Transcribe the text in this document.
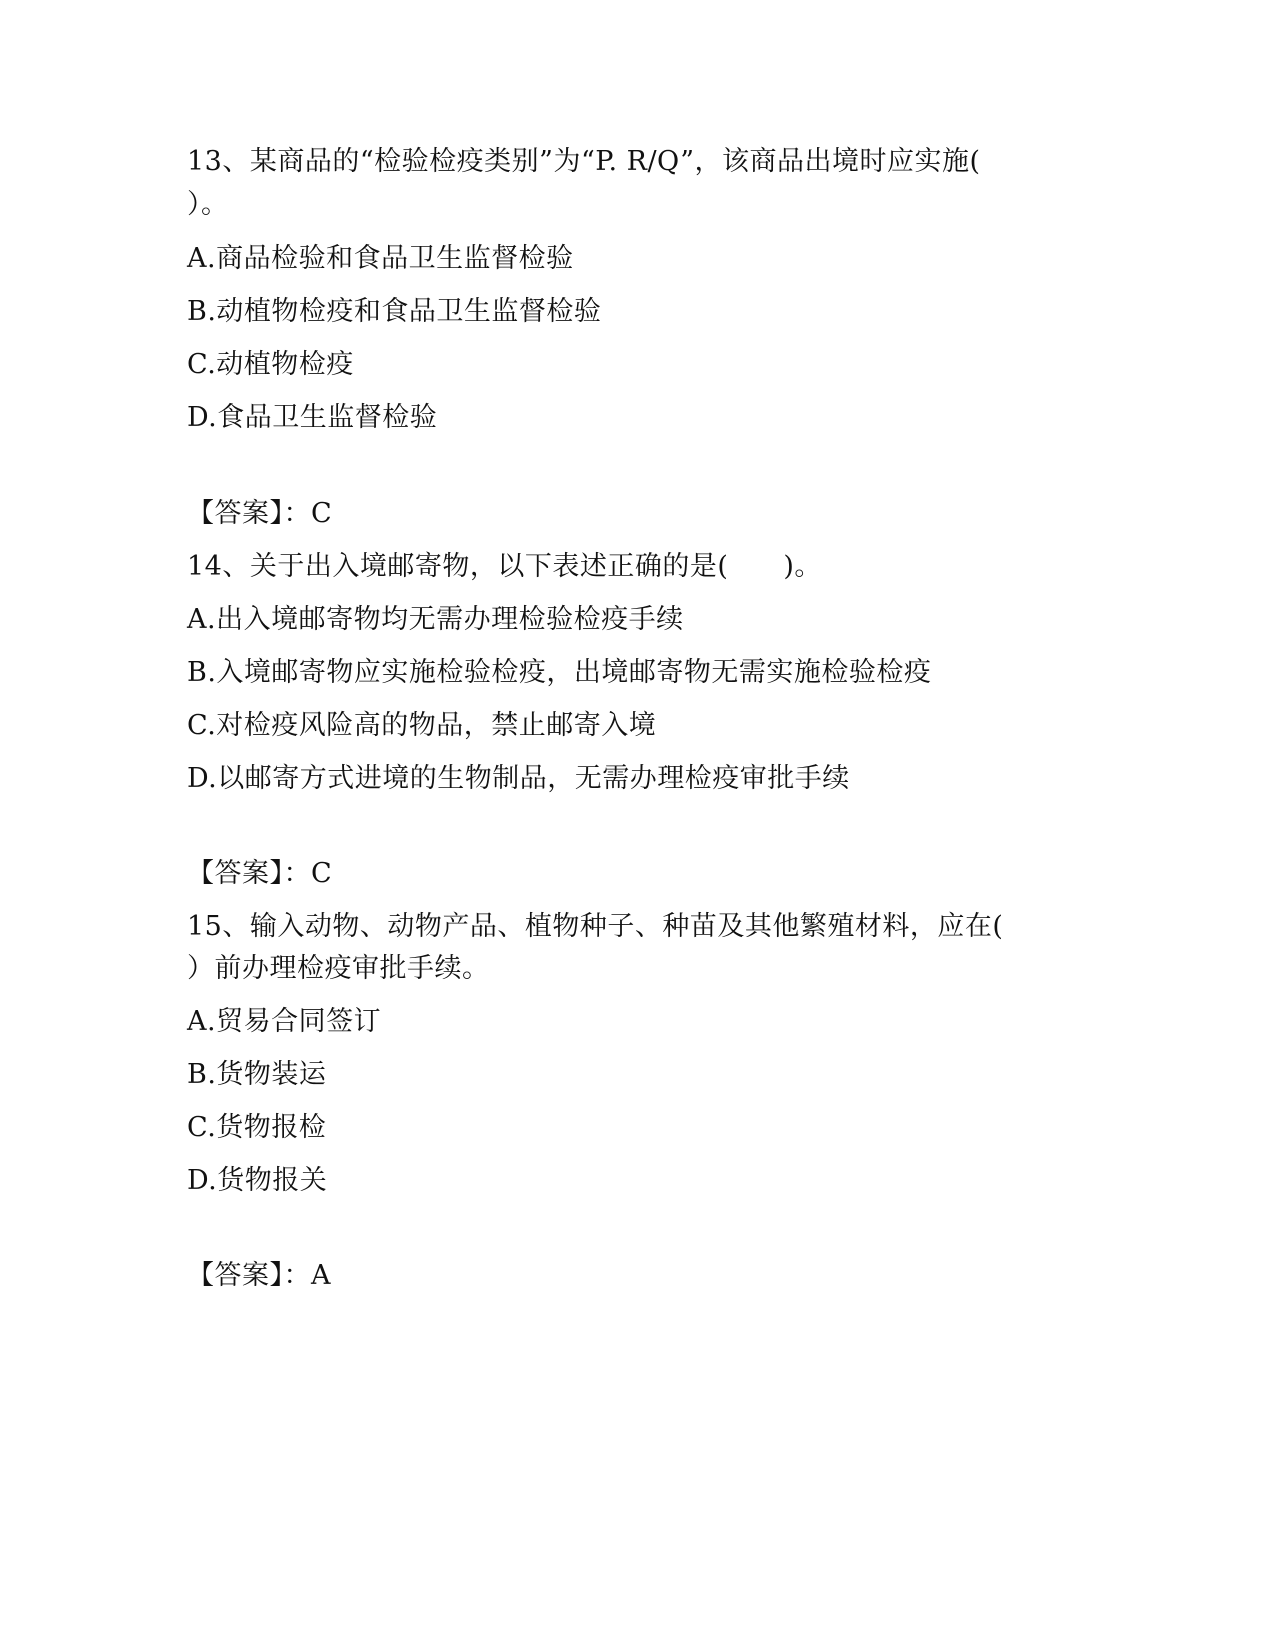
13、某商品的“检验检疫类别”为“P. R/Q”，该商品出境时应实施(
）。
A.商品检验和食品卫生监督检验
B.动植物检疫和食品卫生监督检验
C.动植物检疫
D.食品卫生监督检验
【答案】：C
14、关于出入境邮寄物，以下表述正确的是(　　)。
A.出入境邮寄物均无需办理检验检疫手续
B.入境邮寄物应实施检验检疫，出境邮寄物无需实施检验检疫
C.对检疫风险高的物品，禁止邮寄入境
D.以邮寄方式进境的生物制品，无需办理检疫审批手续
【答案】：C
15、输入动物、动物产品、植物种子、种苗及其他繁殖材料，应在(
）前办理检疫审批手续。
A.贸易合同签订
B.货物装运
C.货物报检
D.货物报关
【答案】：A
